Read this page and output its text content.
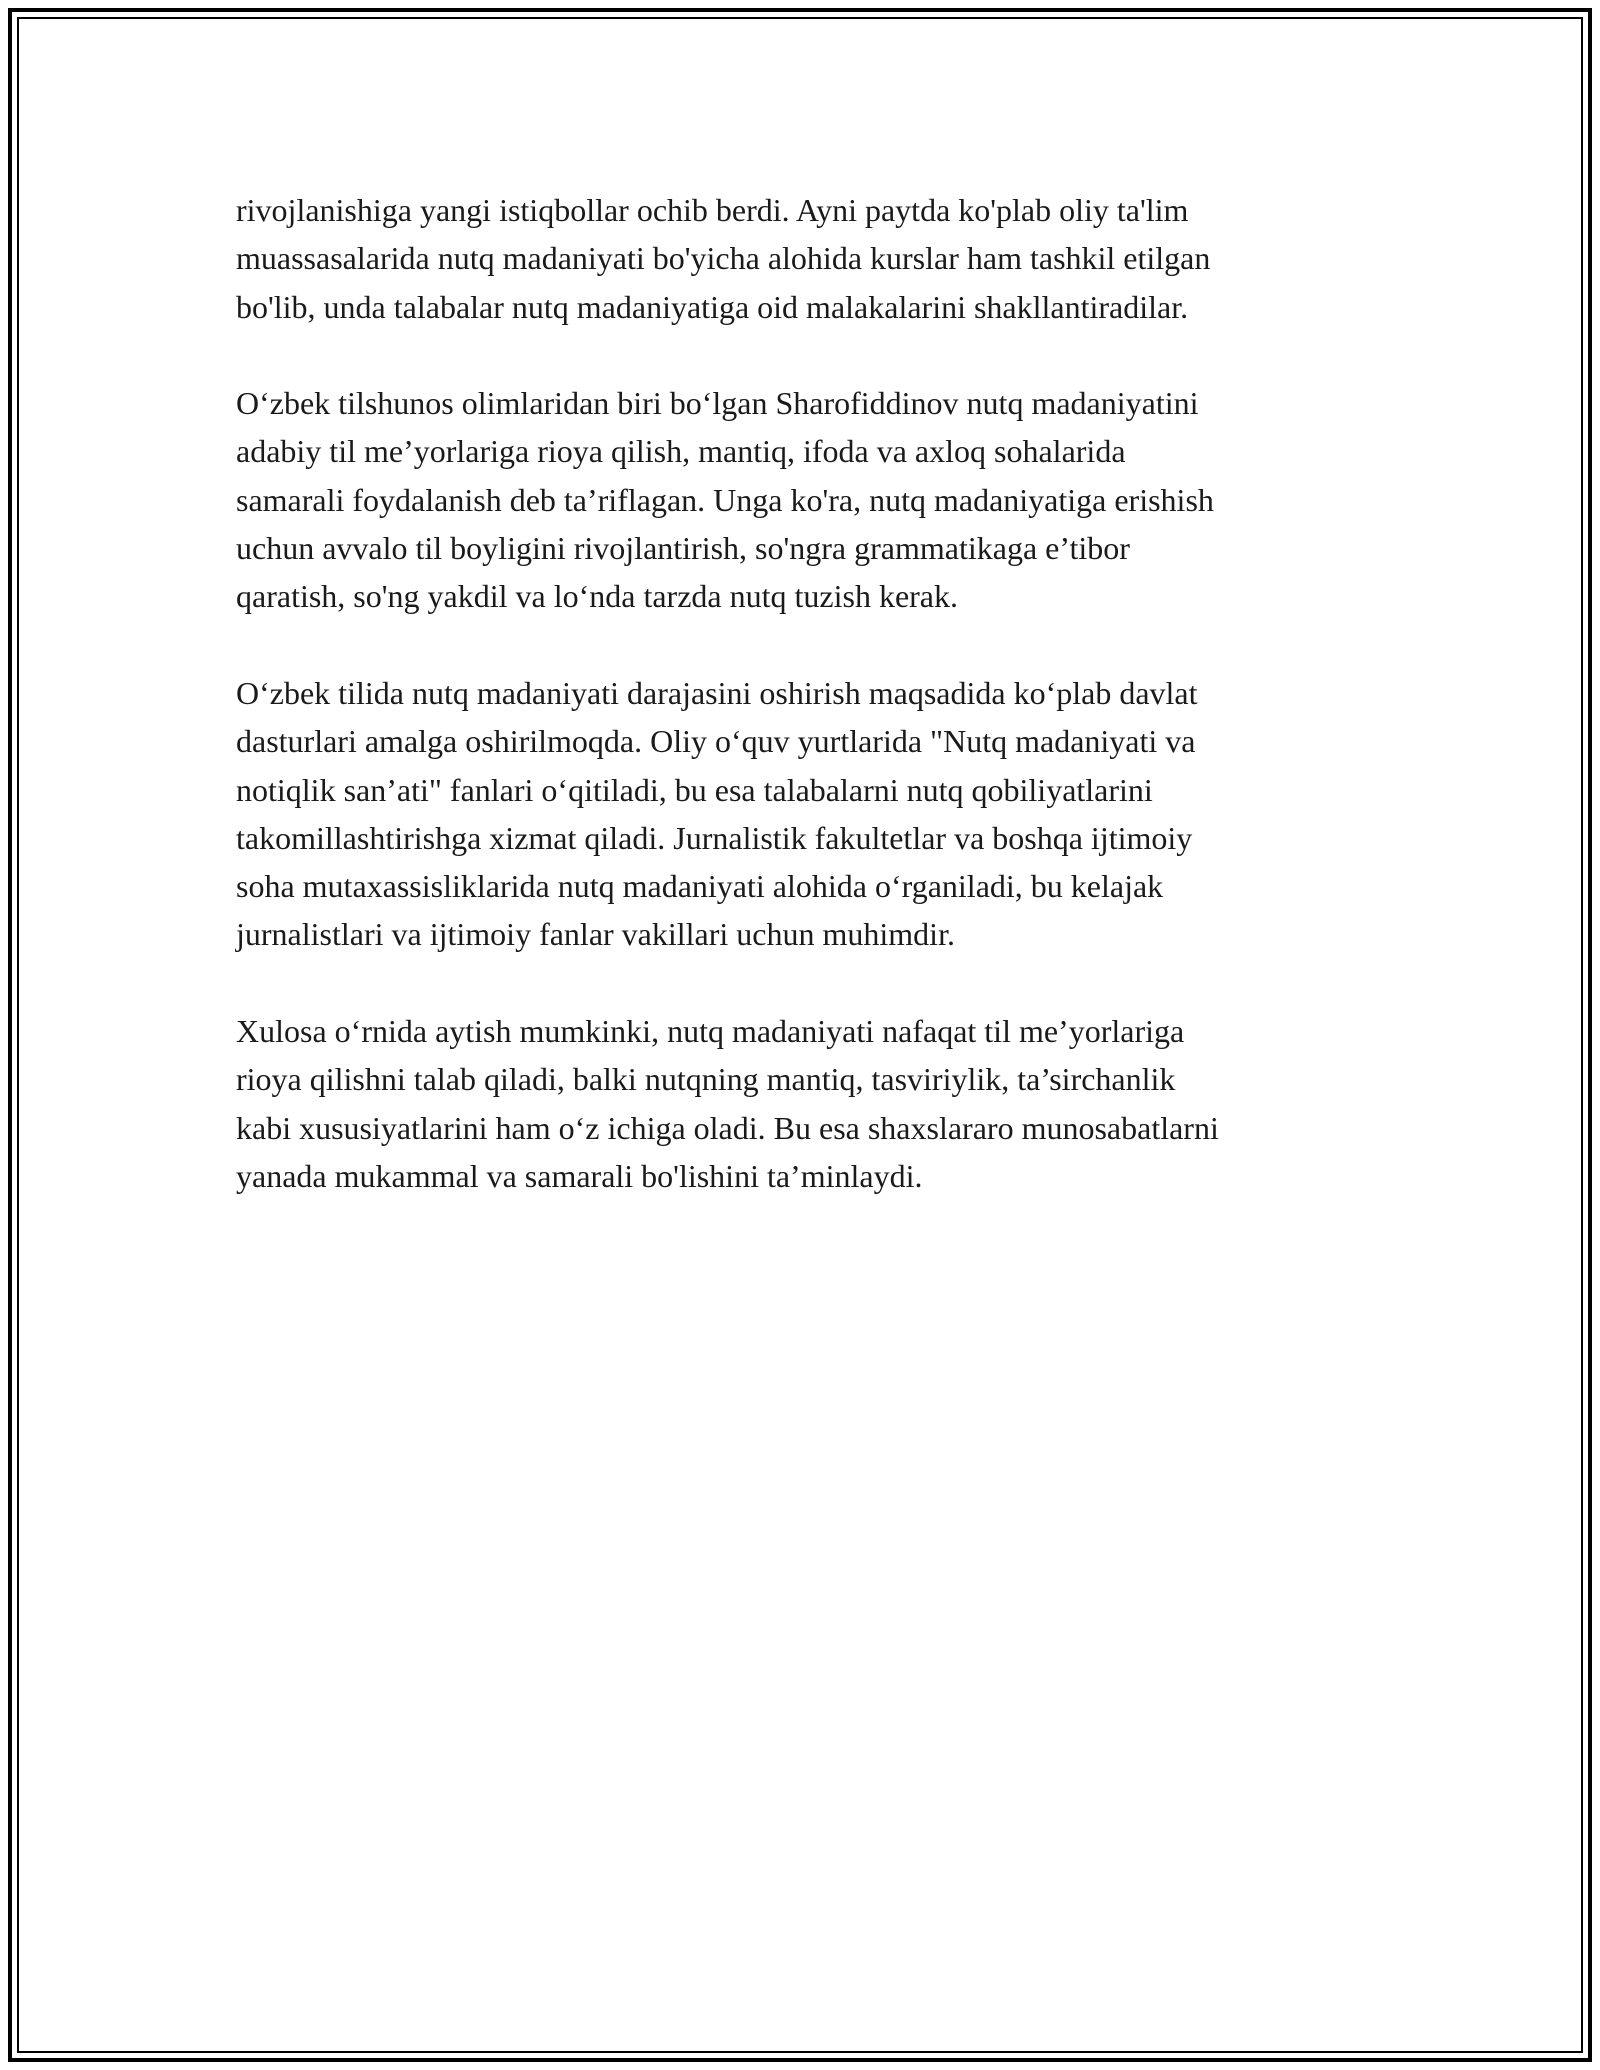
rivojlanishiga yangi istiqbollar ochib berdi. Ayni paytda ko'plab oliy ta'lim
muassasalarida nutq madaniyati bo'yicha alohida kurslar ham tashkil etilgan
bo'lib, unda talabalar nutq madaniyatiga oid malakalarini shakllantiradilar.

O‘zbek tilshunos olimlaridan biri bo‘lgan Sharofiddinov nutq madaniyatini
adabiy til me’yorlariga rioya qilish, mantiq, ifoda va axloq sohalarida
samarali foydalanish deb ta’riflagan. Unga ko'ra, nutq madaniyatiga erishish
uchun avvalo til boyligini rivojlantirish, so'ngra grammatikaga e’tibor
qaratish, so'ng yakdil va lo‘nda tarzda nutq tuzish kerak.

O‘zbek tilida nutq madaniyati darajasini oshirish maqsadida ko‘plab davlat
dasturlari amalga oshirilmoqda. Oliy o‘quv yurtlarida "Nutq madaniyati va
notiqlik san’ati" fanlari o‘qitiladi, bu esa talabalarni nutq qobiliyatlarini
takomillashtirishga xizmat qiladi. Jurnalistik fakultetlar va boshqa ijtimoiy
soha mutaxassisliklarida nutq madaniyati alohida o‘rganiladi, bu kelajak
jurnalistlari va ijtimoiy fanlar vakillari uchun muhimdir.

Xulosa o‘rnida aytish mumkinki, nutq madaniyati nafaqat til me’yorlariga
rioya qilishni talab qiladi, balki nutqning mantiq, tasviriylik, ta’sirchanlik
kabi xususiyatlarini ham o‘z ichiga oladi. Bu esa shaxslararo munosabatlarni
yanada mukammal va samarali bo'lishini ta’minlaydi.
